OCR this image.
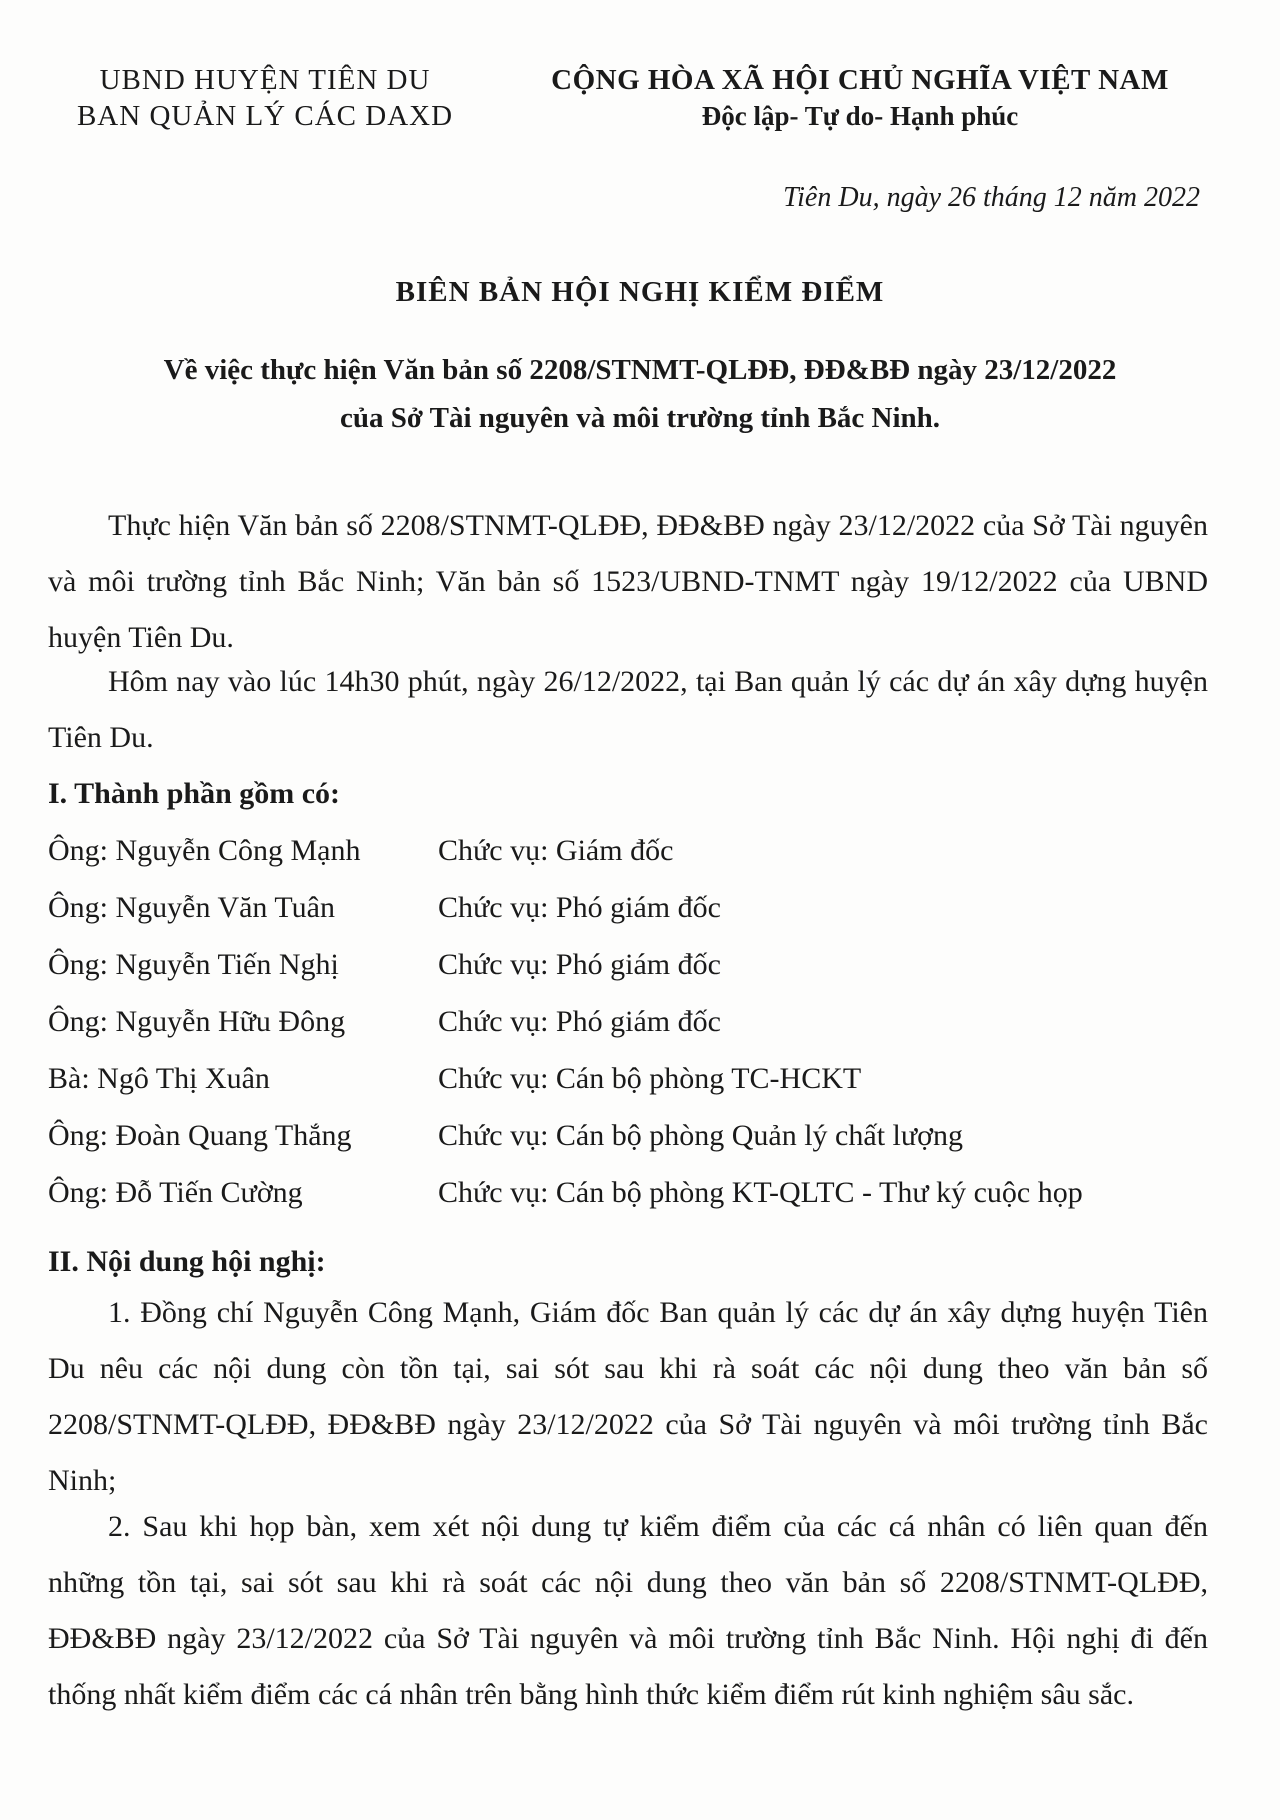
UBND HUYỆN TIÊN DU
BAN QUẢN LÝ CÁC DAXD
CỘNG HÒA XÃ HỘI CHỦ NGHĨA VIỆT NAM
Độc lập- Tự do- Hạnh phúc
Tiên Du, ngày 26 tháng 12 năm 2022
BIÊN BẢN HỘI NGHỊ KIỂM ĐIỂM
Về việc thực hiện Văn bản số 2208/STNMT-QLĐĐ, ĐĐ&BĐ ngày 23/12/2022
của Sở Tài nguyên và môi trường tỉnh Bắc Ninh.
Thực hiện Văn bản số 2208/STNMT-QLĐĐ, ĐĐ&BĐ ngày 23/12/2022 của Sở Tài nguyên và môi trường tỉnh Bắc Ninh; Văn bản số 1523/UBND-TNMT ngày 19/12/2022 của UBND huyện Tiên Du.
Hôm nay vào lúc 14h30 phút, ngày 26/12/2022, tại Ban quản lý các dự án xây dựng huyện Tiên Du.
I. Thành phần gồm có:
Ông: Nguyễn Công Mạnh	Chức vụ: Giám đốc
Ông: Nguyễn Văn Tuân	Chức vụ: Phó giám đốc
Ông: Nguyễn Tiến Nghị	Chức vụ: Phó giám đốc
Ông: Nguyễn Hữu Đông	Chức vụ: Phó giám đốc
Bà: Ngô Thị Xuân	Chức vụ: Cán bộ phòng TC-HCKT
Ông: Đoàn Quang Thắng	Chức vụ: Cán bộ phòng Quản lý chất lượng
Ông: Đỗ Tiến Cường	Chức vụ: Cán bộ phòng KT-QLTC - Thư ký cuộc họp
II. Nội dung hội nghị:
1. Đồng chí Nguyễn Công Mạnh, Giám đốc Ban quản lý các dự án xây dựng huyện Tiên Du nêu các nội dung còn tồn tại, sai sót sau khi rà soát các nội dung theo văn bản số 2208/STNMT-QLĐĐ, ĐĐ&BĐ ngày 23/12/2022 của Sở Tài nguyên và môi trường tỉnh Bắc Ninh;
2. Sau khi họp bàn, xem xét nội dung tự kiểm điểm của các cá nhân có liên quan đến những tồn tại, sai sót sau khi rà soát các nội dung theo văn bản số 2208/STNMT-QLĐĐ, ĐĐ&BĐ ngày 23/12/2022 của Sở Tài nguyên và môi trường tỉnh Bắc Ninh. Hội nghị đi đến thống nhất kiểm điểm các cá nhân trên bằng hình thức kiểm điểm rút kinh nghiệm sâu sắc.
